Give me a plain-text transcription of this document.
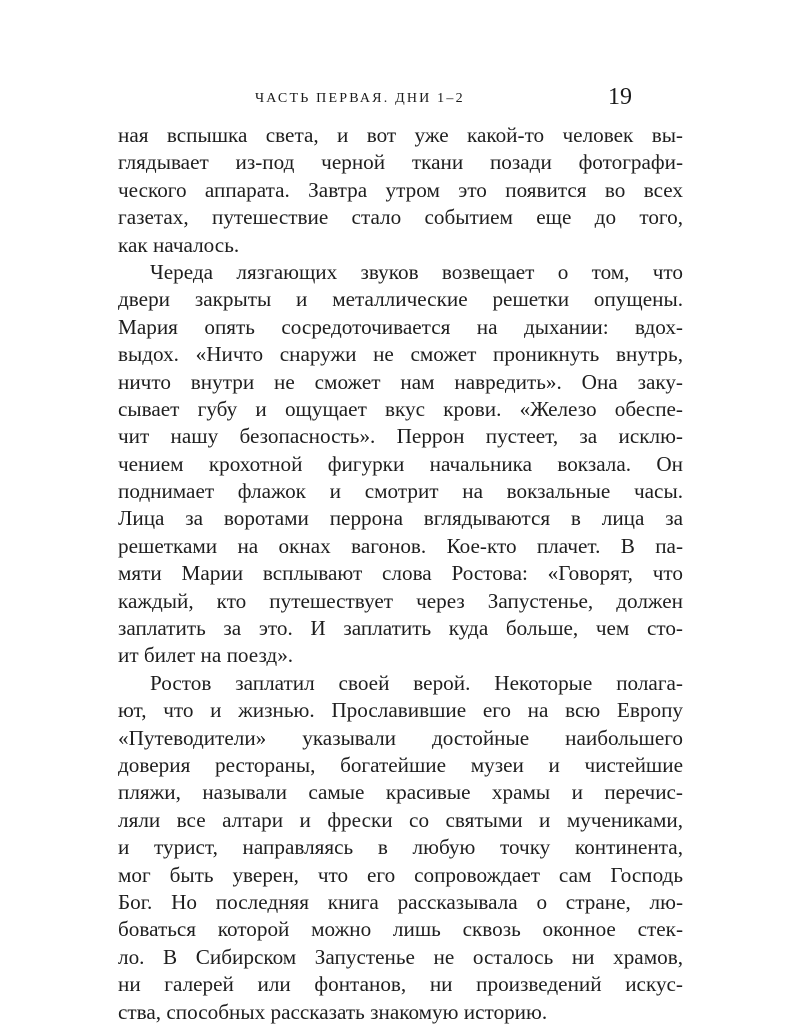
ЧАСТЬ ПЕРВАЯ. ДНИ 1–2	19
ная вспышка света, и вот уже какой-то человек вы-
глядывает из-под черной ткани позади фотографи-
ческого аппарата. Завтра утром это появится во всех
газетах, путешествие стало событием еще до того,
как началось.
Череда лязгающих звуков возвещает о том, что
двери закрыты и металлические решетки опущены.
Мария опять сосредоточивается на дыхании: вдох-
выдох. «Ничто снаружи не сможет проникнуть внутрь,
ничто внутри не сможет нам навредить». Она заку-
сывает губу и ощущает вкус крови. «Железо обеспе-
чит нашу безопасность». Перрон пустеет, за исклю-
чением крохотной фигурки начальника вокзала. Он
поднимает флажок и смотрит на вокзальные часы.
Лица за воротами перрона вглядываются в лица за
решетками на окнах вагонов. Кое-кто плачет. В па-
мяти Марии всплывают слова Ростова: «Говорят, что
каждый, кто путешествует через Запустенье, должен
заплатить за это. И заплатить куда больше, чем сто-
ит билет на поезд».
Ростов заплатил своей верой. Некоторые полага-
ют, что и жизнью. Прославившие его на всю Европу
«Путеводители» указывали достойные наибольшего
доверия рестораны, богатейшие музеи и чистейшие
пляжи, называли самые красивые храмы и перечис-
ляли все алтари и фрески со святыми и мучениками,
и турист, направляясь в любую точку континента,
мог быть уверен, что его сопровождает сам Господь
Бог. Но последняя книга рассказывала о стране, лю-
боваться которой можно лишь сквозь оконное стек-
ло. В Сибирском Запустенье не осталось ни храмов,
ни галерей или фонтанов, ни произведений искус-
ства, способных рассказать знакомую историю.
